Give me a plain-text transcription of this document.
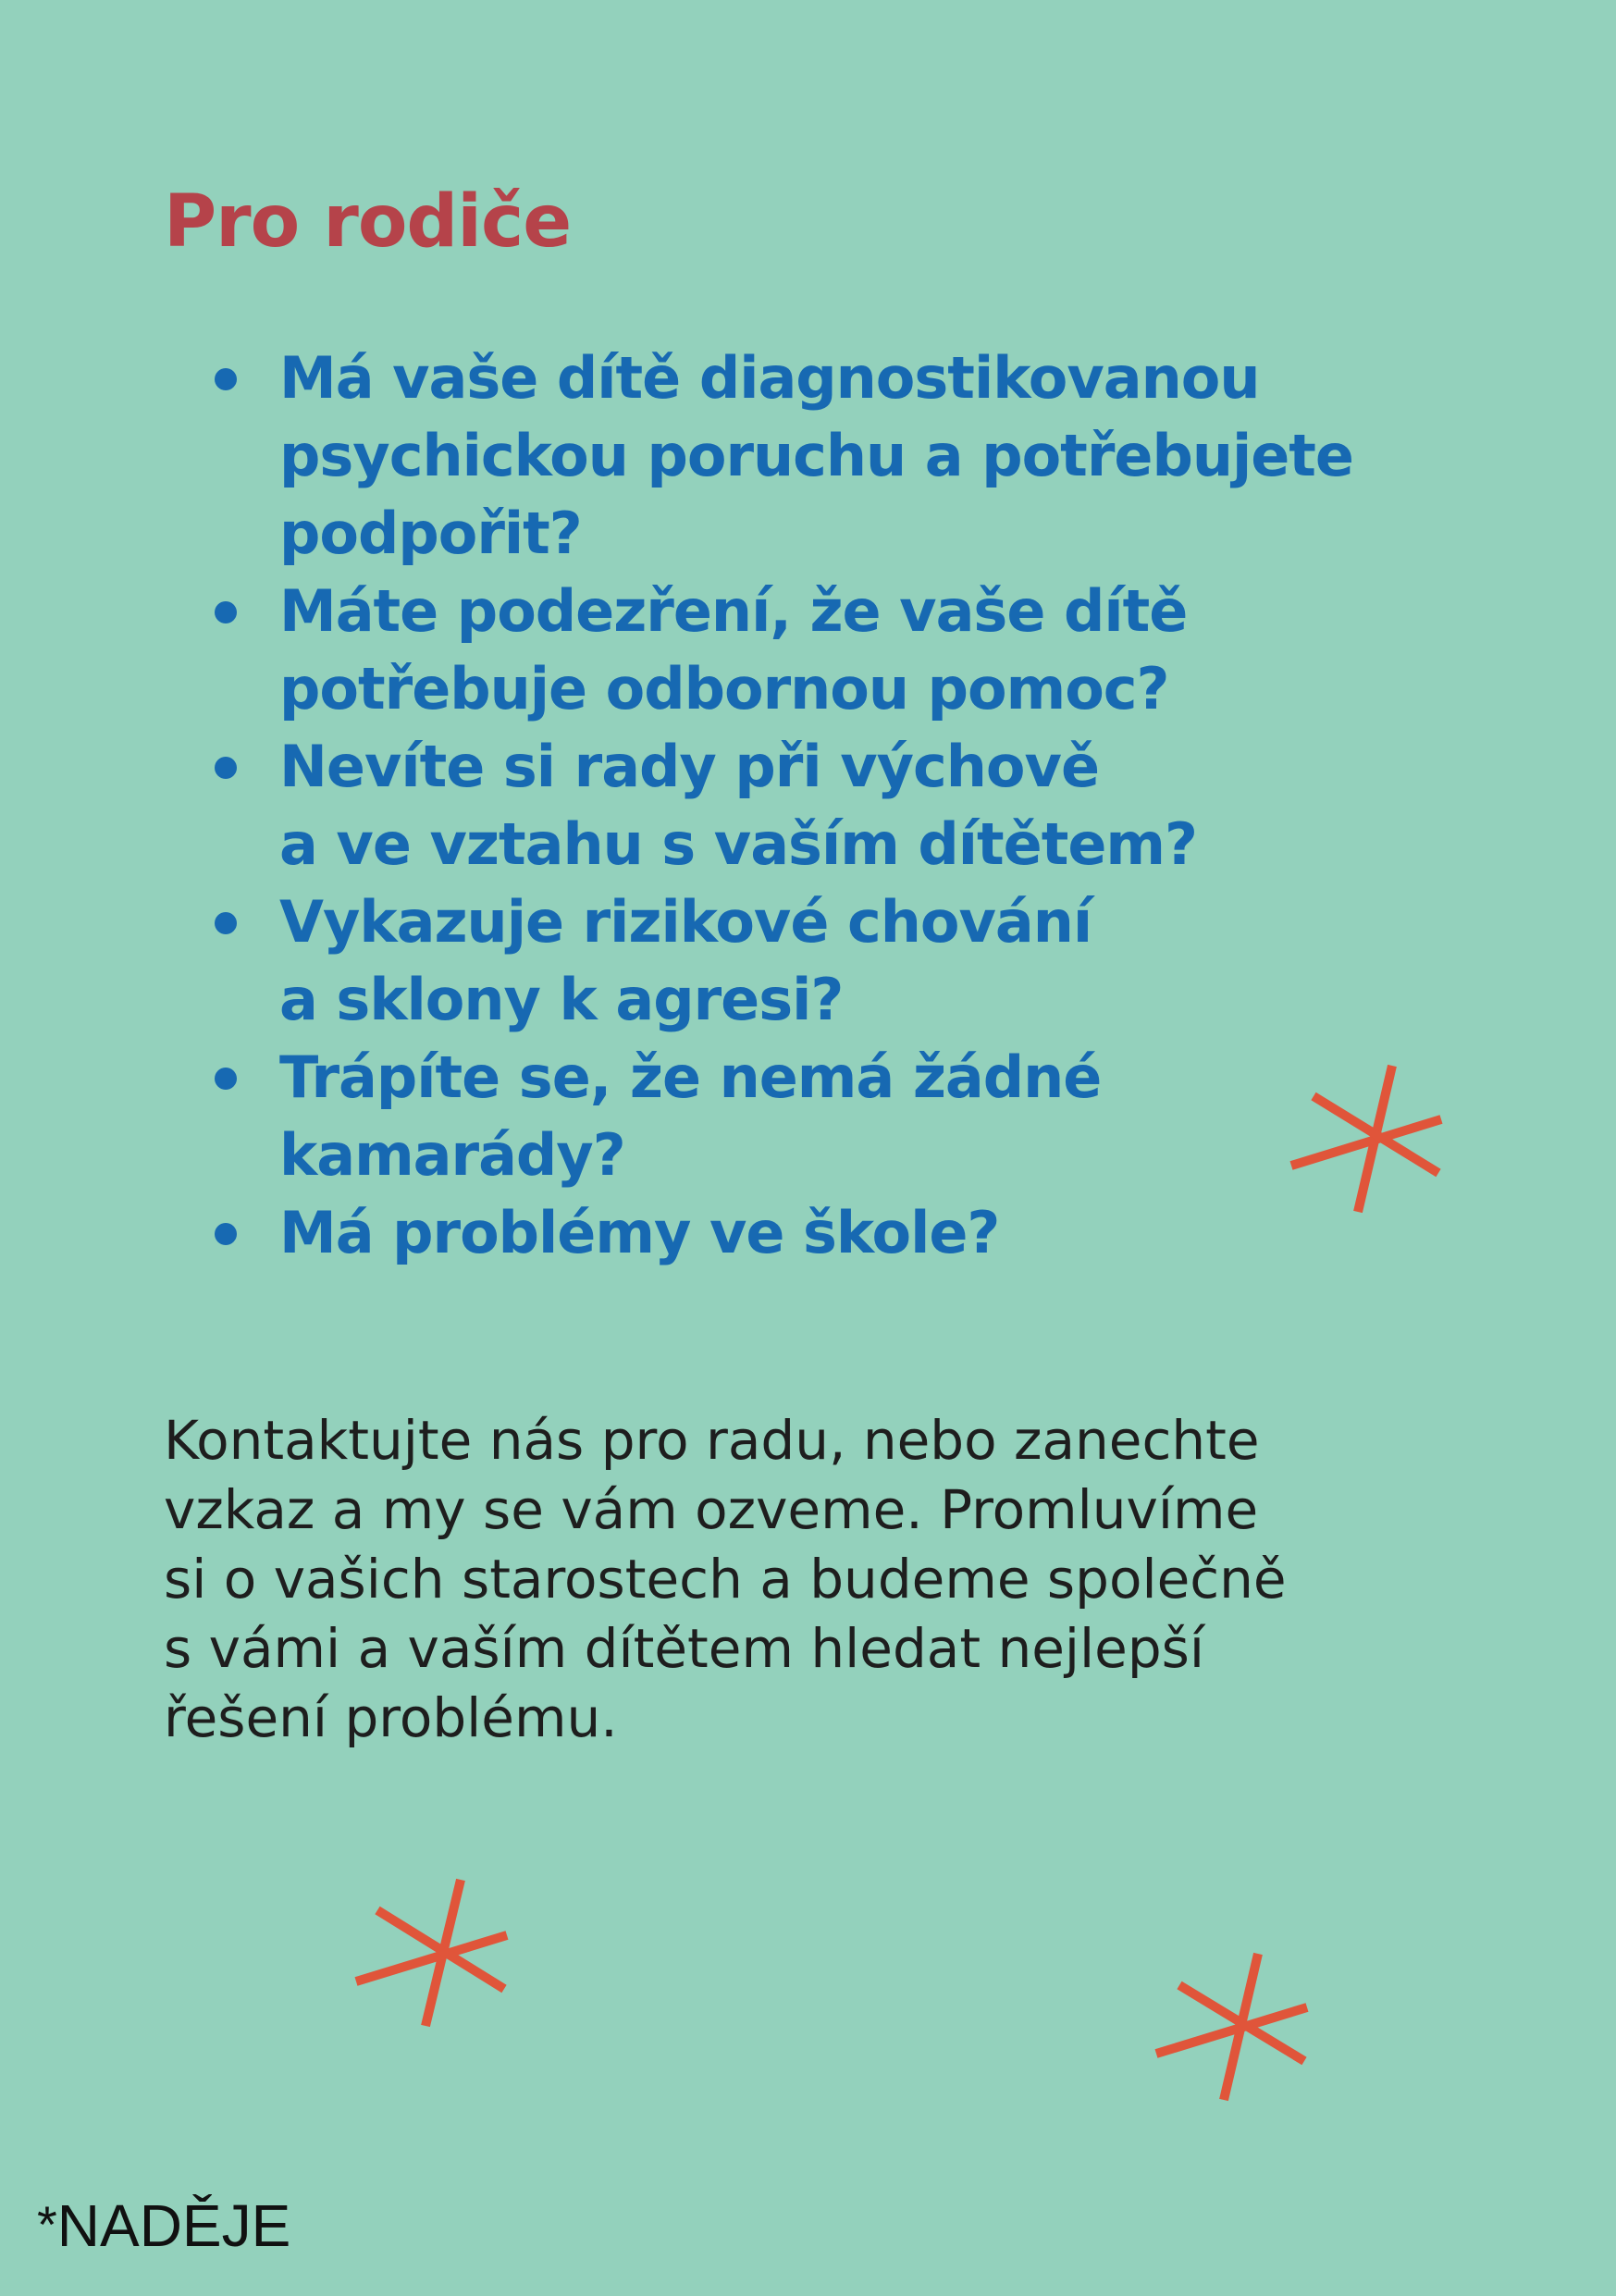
Pro rodiče
Má vaše dítě diagnostikovanou
psychickou poruchu a potřebujete
podpořit?
Máte podezření, že vaše dítě
potřebuje odbornou pomoc?
Nevíte si rady při výchově
a ve vztahu s vaším dítětem?
Vykazuje rizikové chování
a sklony k agresi?
Trápíte se, že nemá žádné
kamarády?
Má problémy ve škole?

Kontaktujte nás pro radu, nebo zanechte
vzkaz a my se vám ozveme. Promluvíme
si o vašich starostech a budeme společně
s vámi a vaším dítětem hledat nejlepší
řešení problému.

*NADĚJE
